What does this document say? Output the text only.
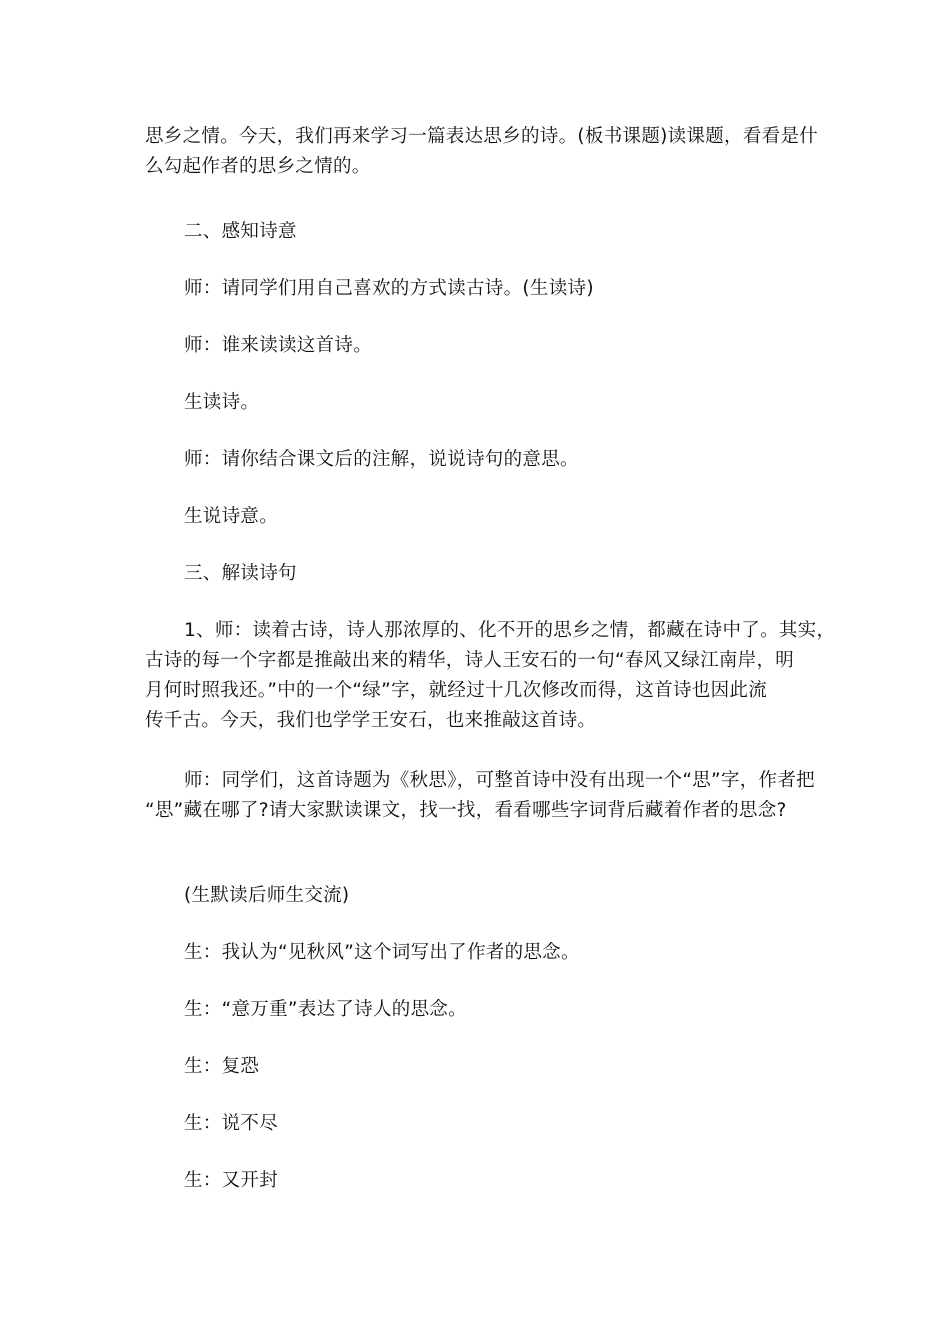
思乡之情。今天，我们再来学习一篇表达思乡的诗。(板书课题)读课题，看看是什
么勾起作者的思乡之情的。
二、感知诗意
师：请同学们用自己喜欢的方式读古诗。(生读诗)
师：谁来读读这首诗。
生读诗。
师：请你结合课文后的注解，说说诗句的意思。
生说诗意。
三、解读诗句
1、师：读着古诗，诗人那浓厚的、化不开的思乡之情，都藏在诗中了。其实，
古诗的每一个字都是推敲出来的精华，诗人王安石的一句“春风又绿江南岸，明
月何时照我还。”中的一个“绿”字，就经过十几次修改而得，这首诗也因此流
传千古。今天，我们也学学王安石，也来推敲这首诗。
师：同学们，这首诗题为《秋思》，可整首诗中没有出现一个“思”字，作者把
“思”藏在哪了?请大家默读课文，找一找，看看哪些字词背后藏着作者的思念?
(生默读后师生交流)
生：我认为“见秋风”这个词写出了作者的思念。
生：“意万重”表达了诗人的思念。
生：复恐
生：说不尽
生：又开封
